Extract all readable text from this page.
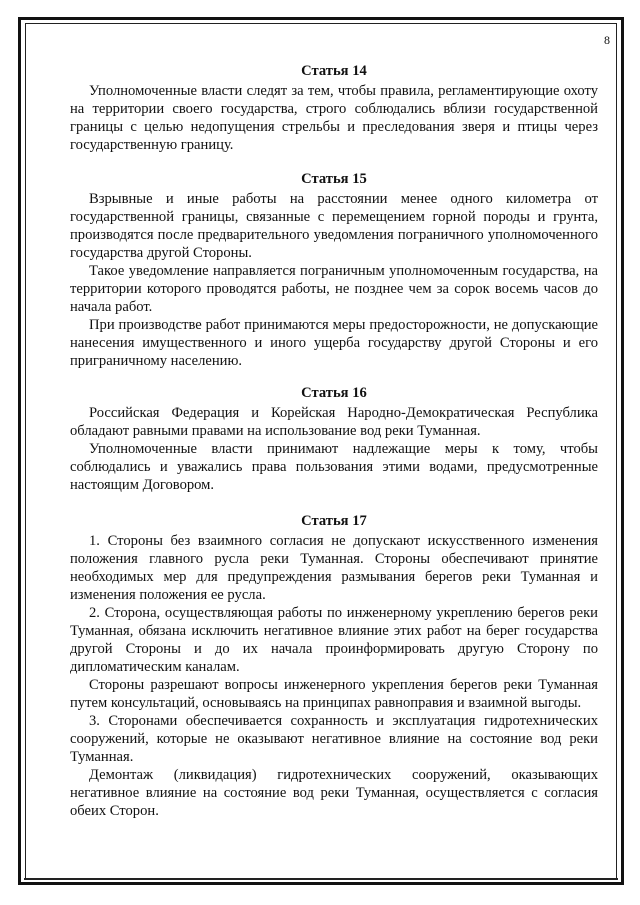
8
Статья 14

Уполномоченные власти следят за тем, чтобы правила, регламентирующие охоту на территории своего государства, строго соблюдались вблизи государственной границы с целью недопущения стрельбы и преследования зверя и птицы через государственную границу.

Статья 15

Взрывные и иные работы на расстоянии менее одного километра от государственной границы, связанные с перемещением горной породы и грунта, производятся после предварительного уведомления пограничного уполномоченного государства другой Стороны.

Такое уведомление направляется пограничным уполномоченным государства, на территории которого проводятся работы, не позднее чем за сорок восемь часов до начала работ.

При производстве работ принимаются меры предосторожности, не допускающие нанесения имущественного и иного ущерба государству другой Стороны и его приграничному населению.

Статья 16

Российская Федерация и Корейская Народно-Демократическая Республика обладают равными правами на использование вод реки Туманная.

Уполномоченные власти принимают надлежащие меры к тому, чтобы соблюдались и уважались права пользования этими водами, предусмотренные настоящим Договором.

Статья 17

1. Стороны без взаимного согласия не допускают искусственного изменения положения главного русла реки Туманная. Стороны обеспечивают принятие необходимых мер для предупреждения размывания берегов реки Туманная и изменения положения ее русла.

2. Сторона, осуществляющая работы по инженерному укреплению берегов реки Туманная, обязана исключить негативное влияние этих работ на берег государства другой Стороны и до их начала проинформировать другую Сторону по дипломатическим каналам.

Стороны разрешают вопросы инженерного укрепления берегов реки Туманная путем консультаций, основываясь на принципах равноправия и взаимной выгоды.

3. Сторонами обеспечивается сохранность и эксплуатация гидротехнических сооружений, которые не оказывают негативное влияние на состояние вод реки Туманная.

Демонтаж (ликвидация) гидротехнических сооружений, оказывающих негативное влияние на состояние вод реки Туманная, осуществляется с согласия обеих Сторон.
